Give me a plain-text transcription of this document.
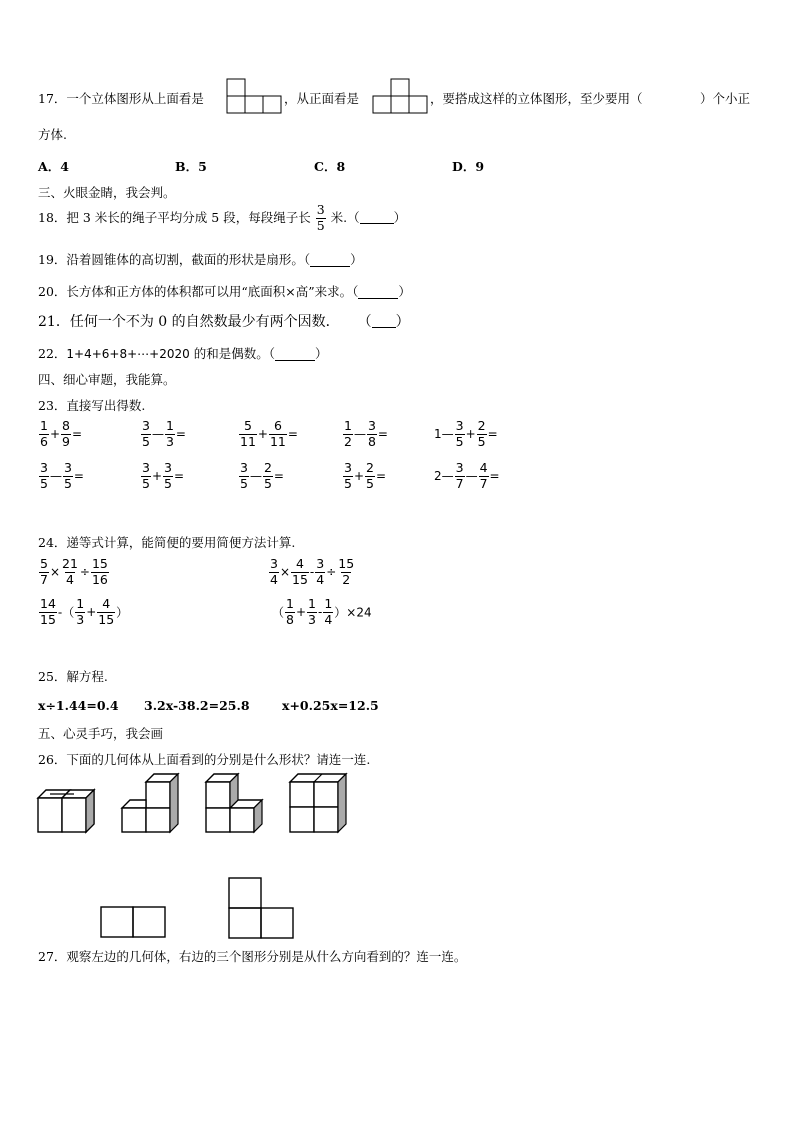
17．一个立体图形从上面看是	，从正面看是	，要搭成这样的立体图形，至少要用（	）个小正
方体.
A．4	B．5	C．8	D．9
三、火眼金睛，我会判。
18．把 3 米长的绳子平均分成 5 段，每段绳子长 $\frac{3}{5}$ 米.（	）
19．沿着圆锥体的高切割，截面的形状是扇形。（	）
20．长方体和正方体的体积都可以用“底面积×高”来求。（	）
21．任何一个不为 0 的自然数最少有两个因数． （ ）
22．1+4+6+8+⋯+2020 的和是偶数。（	）
四、细心审题，我能算。
23．直接写出得数.
$\frac{1}{6} + \frac{8}{9}$ =	$\frac{3}{5}$ — $\frac{1}{3}$ =	$\frac{5}{11} + \frac{6}{11}$ =	$\frac{1}{2}$ — $\frac{3}{8}$ =	1— $\frac{3}{5} + \frac{2}{5}$ =
$\frac{3}{5}$ — $\frac{3}{5}$ =	$\frac{3}{5} + \frac{3}{5}$ =	$\frac{3}{5}$ — $\frac{2}{5}$ =	$\frac{3}{5} + \frac{2}{5}$ =	2— $\frac{3}{7}$ — $\frac{4}{7}$ =
24．递等式计算，能简便的要用简便方法计算.
$\frac{5}{7} \times \frac{21}{4} \div \frac{15}{16}$	$\frac{3}{4} \times \frac{4}{15} - \frac{3}{4} \div \frac{15}{2}$
$\frac{14}{15}$ -（ $\frac{1}{3} + \frac{4}{15}$ ）	（ $\frac{1}{8} + \frac{1}{3} - \frac{1}{4} )\times 24$
25．解方程.
x÷1.44=0.4 3.2x-38.2=25.8	x+0.25x=12.5
五、心灵手巧，我会画
26．下面的几何体从上面看到的分别是什么形状？请连一连.
27．观察左边的几何体，右边的三个图形分别是从什么方向看到的？连一连。
